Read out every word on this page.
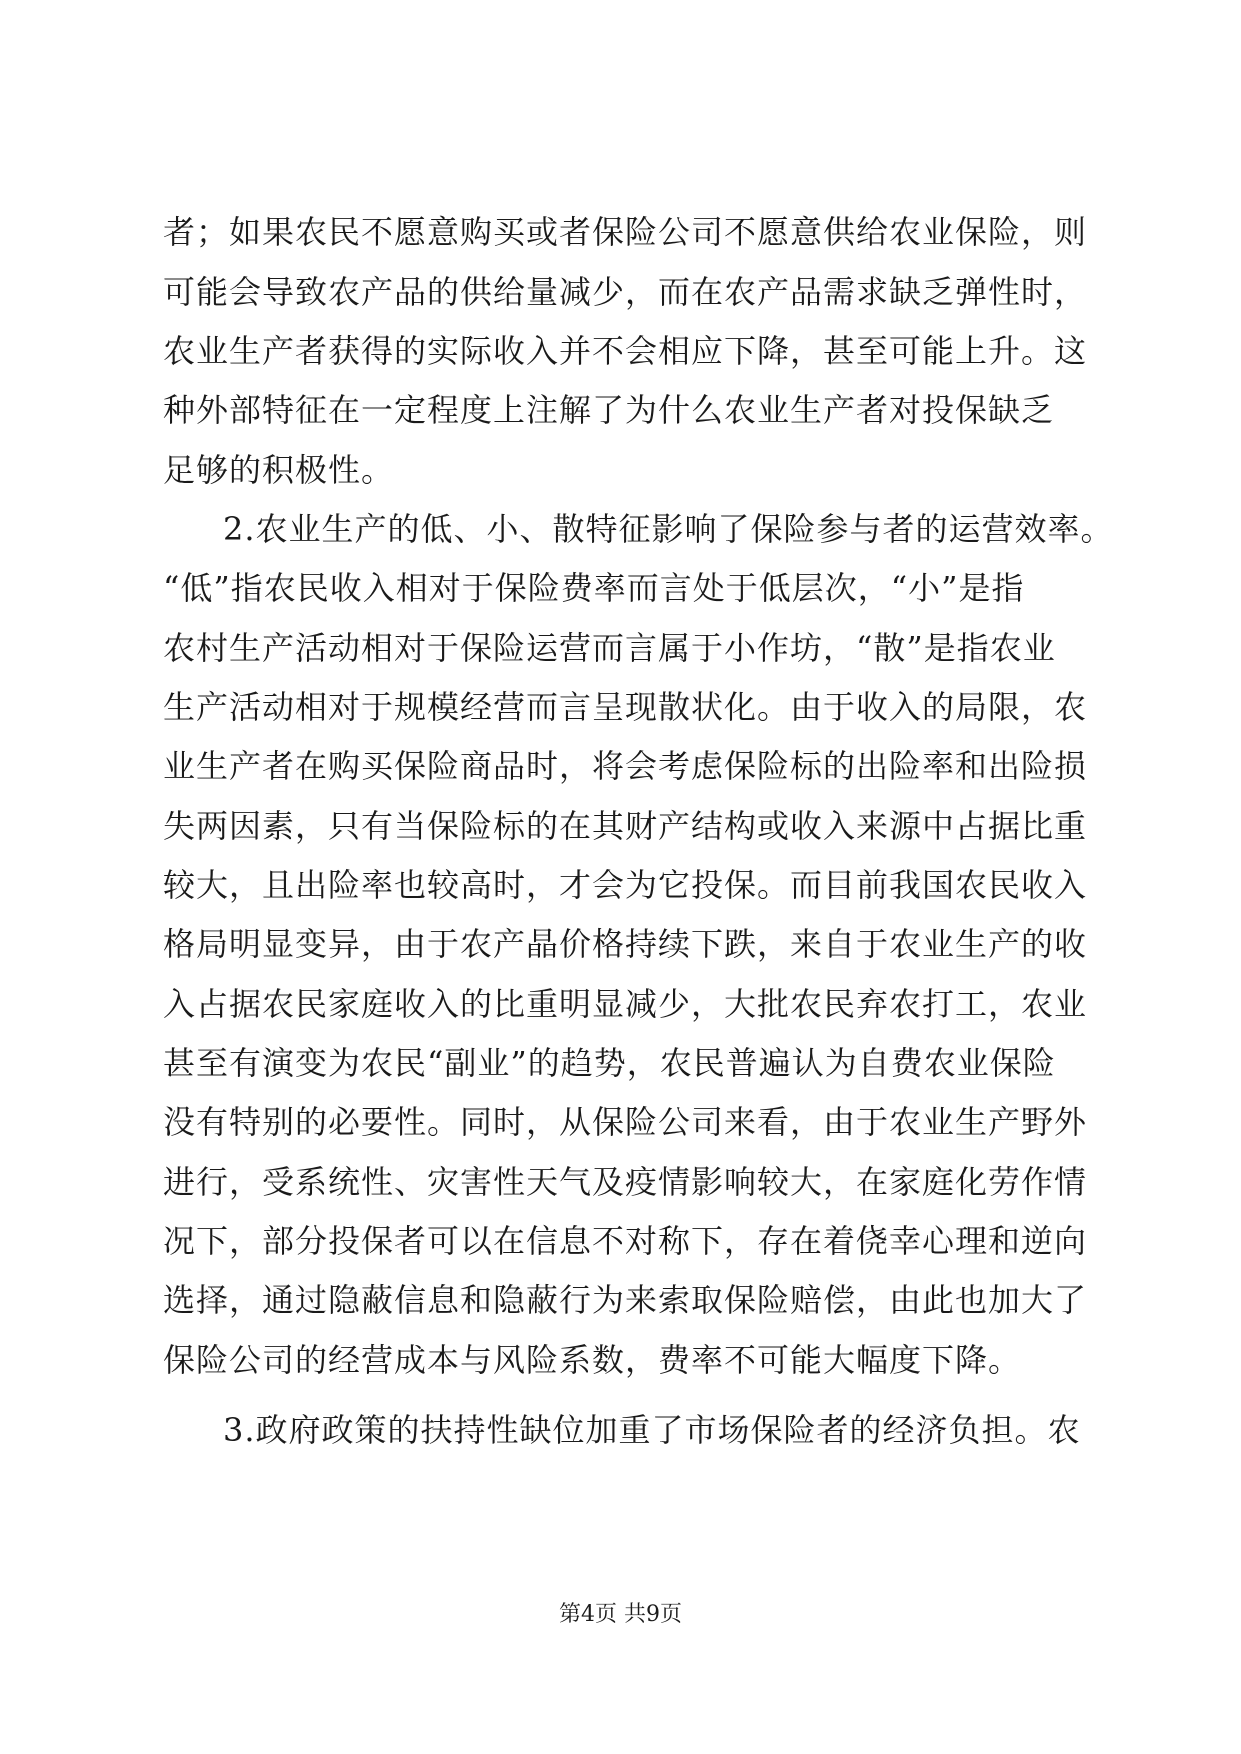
者；如果农民不愿意购买或者保险公司不愿意供给农业保险，则
可能会导致农产品的供给量减少，而在农产品需求缺乏弹性时，
农业生产者获得的实际收入并不会相应下降，甚至可能上升。这
种外部特征在一定程度上注解了为什么农业生产者对投保缺乏
足够的积极性。
2.农业生产的低、小、散特征影响了保险参与者的运营效率。
“低”指农民收入相对于保险费率而言处于低层次，“小”是指
农村生产活动相对于保险运营而言属于小作坊，“散”是指农业
生产活动相对于规模经营而言呈现散状化。由于收入的局限，农
业生产者在购买保险商品时，将会考虑保险标的出险率和出险损
失两因素，只有当保险标的在其财产结构或收入来源中占据比重
较大，且出险率也较高时，才会为它投保。而目前我国农民收入
格局明显变异，由于农产晶价格持续下跌，来自于农业生产的收
入占据农民家庭收入的比重明显减少，大批农民弃农打工，农业
甚至有演变为农民“副业”的趋势，农民普遍认为自费农业保险
没有特别的必要性。同时，从保险公司来看，由于农业生产野外
进行，受系统性、灾害性天气及疫情影响较大，在家庭化劳作情
况下，部分投保者可以在信息不对称下，存在着侥幸心理和逆向
选择，通过隐蔽信息和隐蔽行为来索取保险赔偿，由此也加大了
保险公司的经营成本与风险系数，费率不可能大幅度下降。
3.政府政策的扶持性缺位加重了市场保险者的经济负担。农
第4页 共9页
